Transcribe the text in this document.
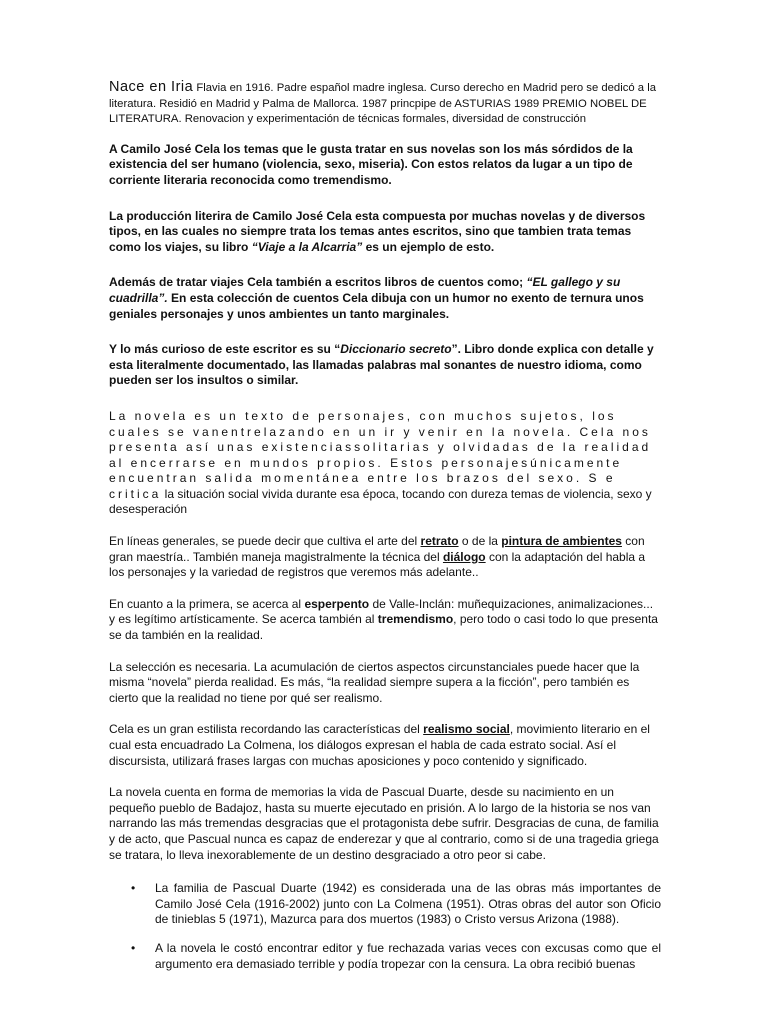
Nace en Iria Flavia en 1916. Padre español madre inglesa. Curso derecho en Madrid pero se dedicó a la literatura. Residió en Madrid y Palma de Mallorca. 1987 princpipe de ASTURIAS 1989 PREMIO NOBEL DE LITERATURA. Renovacion y experimentación de técnicas formales, diversidad de construcción

A Camilo José Cela los temas que le gusta tratar en sus novelas son los más sórdidos de la existencia del ser humano (violencia, sexo, miseria). Con estos relatos da lugar a un tipo de corriente literaria reconocida como tremendismo.

La producción literira de Camilo José Cela esta compuesta por muchas novelas y de diversos tipos, en las cuales no siempre trata los temas antes escritos, sino que tambien trata temas como los viajes, su libro “Viaje a la Alcarria” es un ejemplo de esto.

Además de tratar viajes Cela también a escritos libros de cuentos como; “EL gallego y su cuadrilla”. En esta colección de cuentos Cela dibuja con un humor no exento de ternura unos geniales personajes y unos ambientes un tanto marginales.

Y lo más curioso de este escritor es su “Diccionario secreto”. Libro donde explica con detalle y esta literalmente documentado, las llamadas palabras mal sonantes de nuestro idioma, como pueden ser los insultos o similar.

La novela es un texto de personajes, con muchos sujetos, los cuales se vanentrelazando en un ir y venir en la novela. Cela nos presenta así unas existenciassolitarias y olvidadas de la realidad al encerrarse en mundos propios. Estos personajesúnicamente encuentran salida momentánea entre los brazos del sexo. S e critica la situación social vivida durante esa época, tocando con dureza temas de violencia, sexo y desesperación

En líneas generales, se puede decir que cultiva el arte del retrato o de la pintura de ambientes con gran maestría.. También maneja magistralmente la técnica del diálogo con la adaptación del habla a los personajes y la variedad de registros que veremos más adelante..

En cuanto a la primera, se acerca al esperpento de Valle-Inclán: muñequizaciones, animalizaciones... y es legítimo artísticamente. Se acerca también al tremendismo, pero todo o casi todo lo que presenta se da también en la realidad.

La selección es necesaria. La acumulación de ciertos aspectos circunstanciales puede hacer que la misma “novela” pierda realidad. Es más, “la realidad siempre supera a la ficción”, pero también es cierto que la realidad no tiene por qué ser realismo.

Cela es un gran estilista recordando las características del realismo social, movimiento literario en el cual esta encuadrado La Colmena, los diálogos expresan el habla de cada estrato social. Así el discursista, utilizará frases largas con muchas aposiciones y poco contenido y significado.

La novela cuenta en forma de memorias la vida de Pascual Duarte, desde su nacimiento en un pequeño pueblo de Badajoz, hasta su muerte ejecutado en prisión. A lo largo de la historia se nos van narrando las más tremendas desgracias que el protagonista debe sufrir. Desgracias de cuna, de familia y de acto, que Pascual nunca es capaz de enderezar y que al contrario, como si de una tragedia griega se tratara, lo lleva inexorablemente de un destino desgraciado a otro peor si cabe.

• La familia de Pascual Duarte (1942) es considerada una de las obras más importantes de Camilo José Cela (1916-2002) junto con La Colmena (1951). Otras obras del autor son Oficio de tinieblas 5 (1971), Mazurca para dos muertos (1983) o Cristo versus Arizona (1988).
• A la novela le costó encontrar editor y fue rechazada varias veces con excusas como que el argumento era demasiado terrible y podía tropezar con la censura. La obra recibió buenas
